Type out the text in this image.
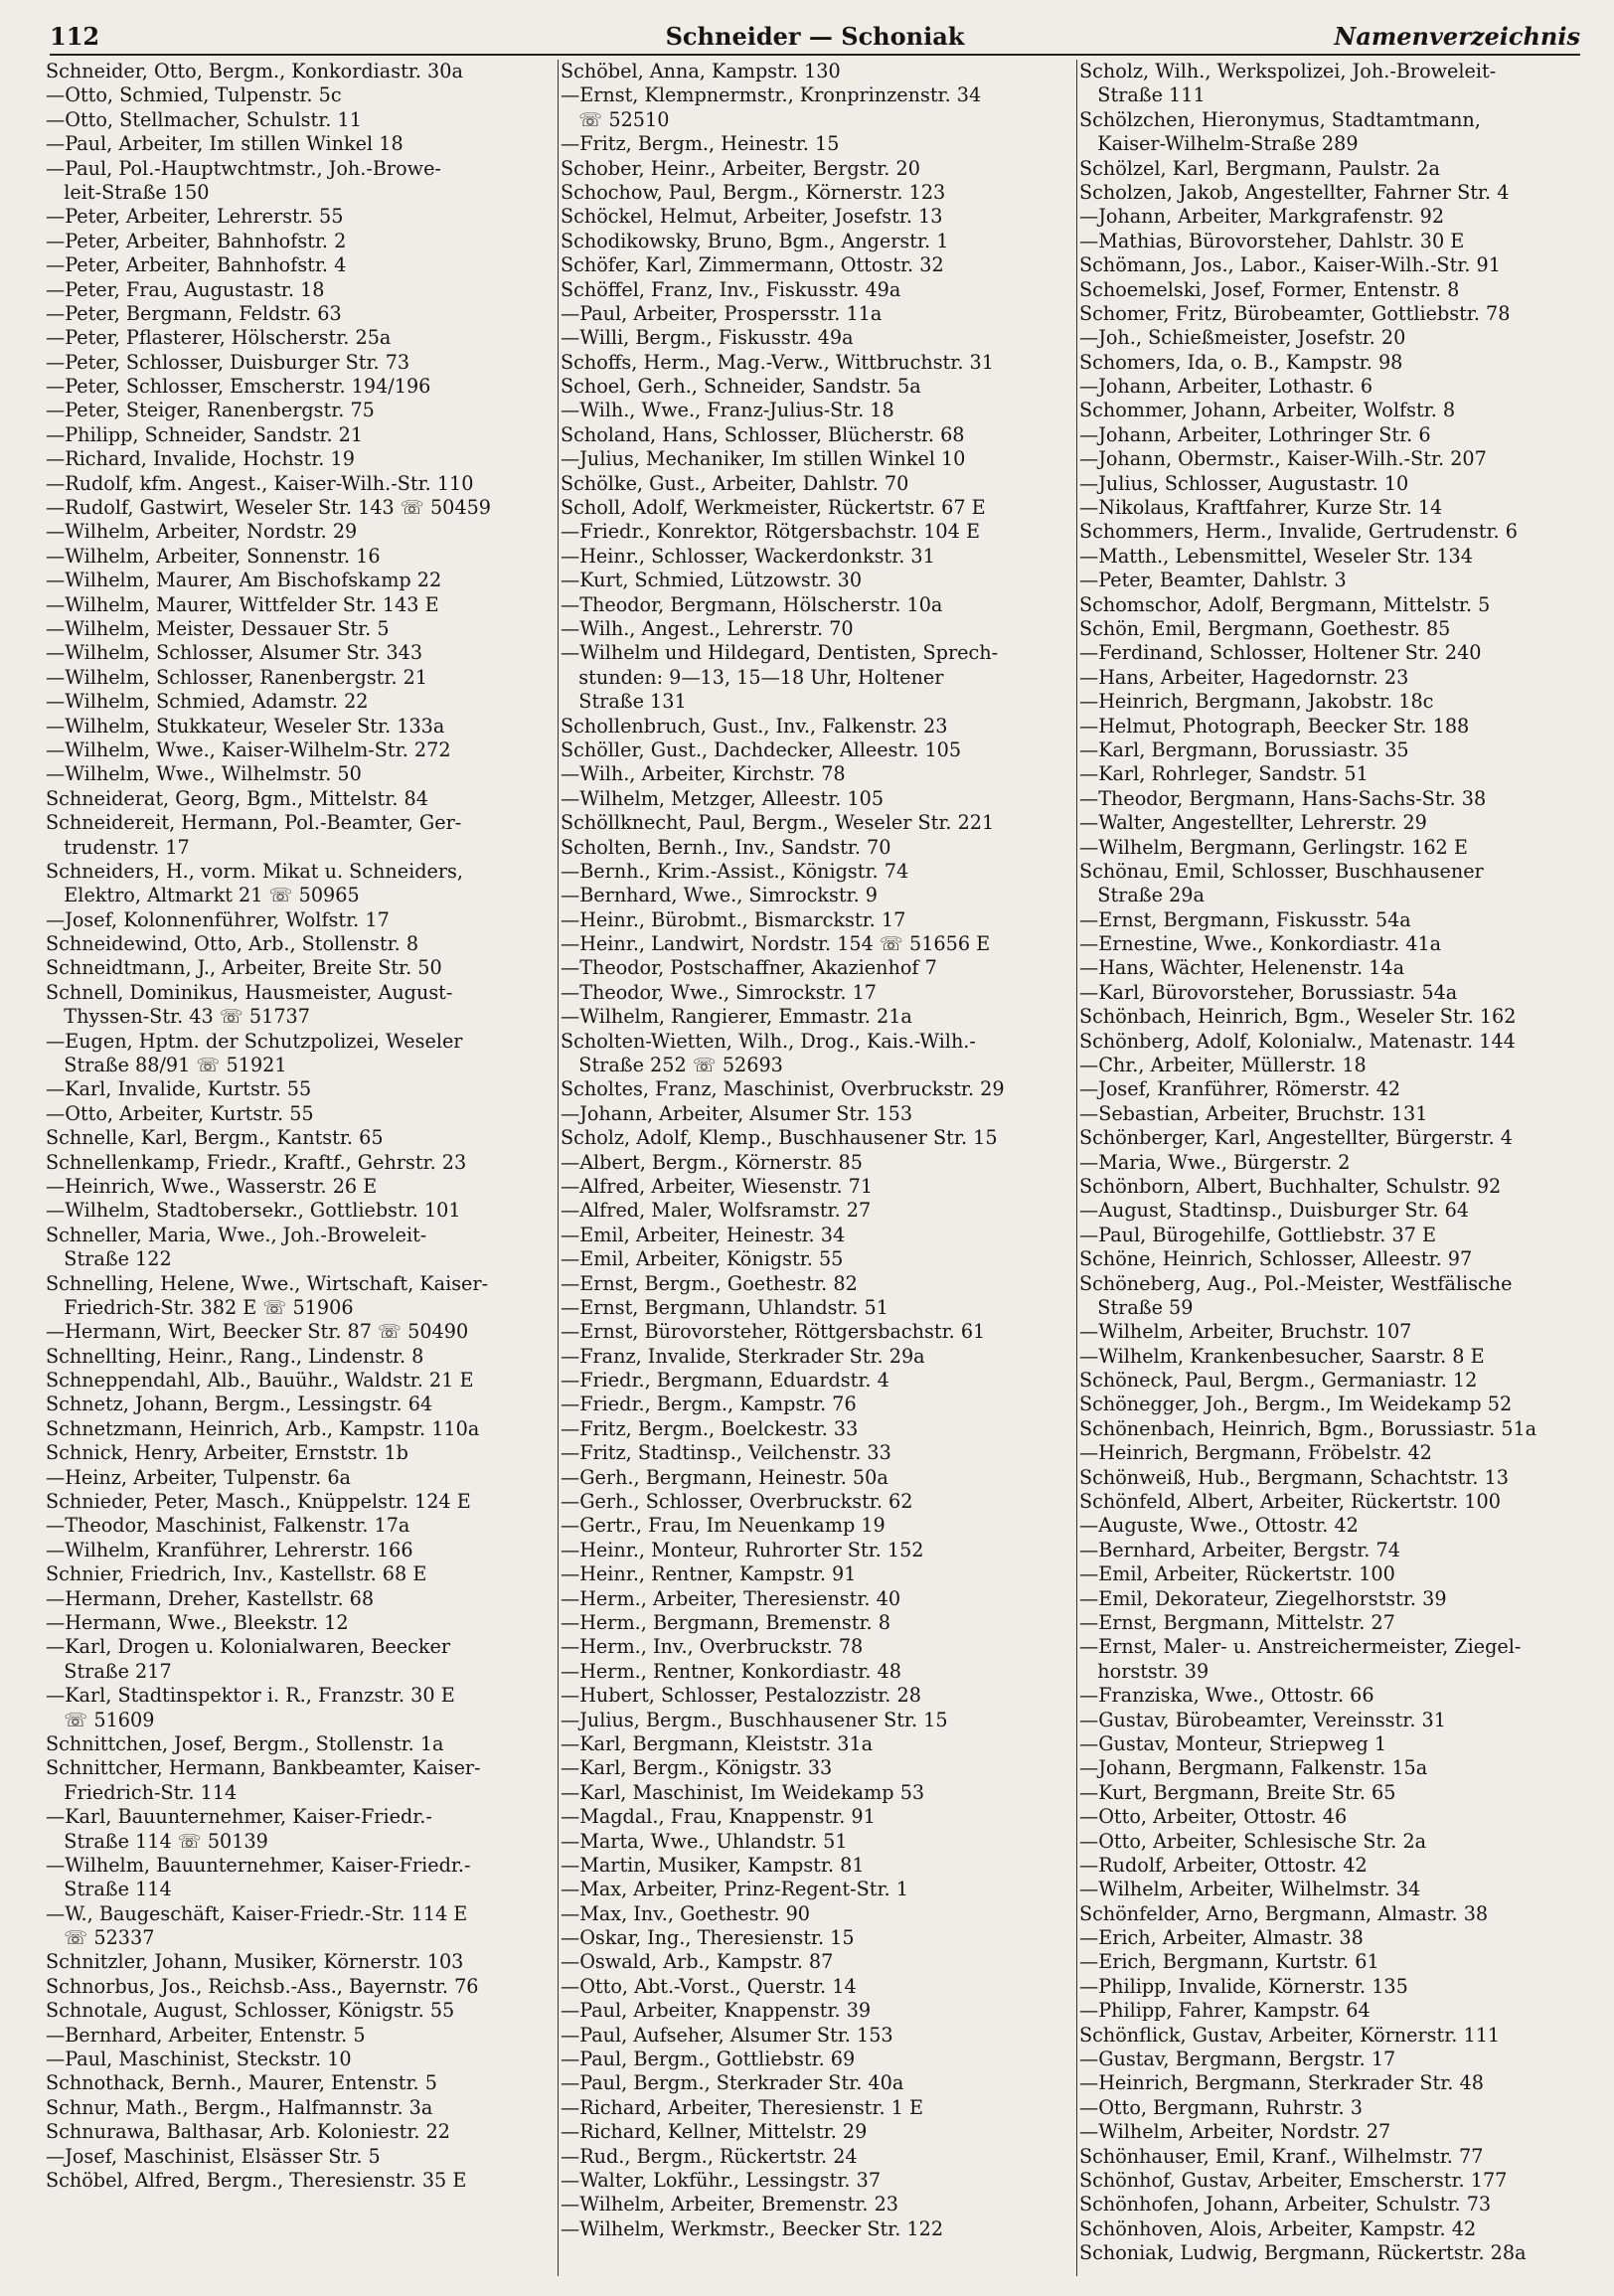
112	Schneider — Schoniak	Namenverzeichnis
Schneider, Otto, Bergm., Konkordiastr. 30a
—Otto, Schmied, Tulpenstr. 5c
—Otto, Stellmacher, Schulstr. 11
—Paul, Arbeiter, Im stillen Winkel 18
—Paul, Pol.-Hauptwchtmstr., Joh.-Browe-
leit-Straße 150
—Peter, Arbeiter, Lehrerstr. 55
—Peter, Arbeiter, Bahnhofstr. 2
—Peter, Arbeiter, Bahnhofstr. 4
—Peter, Frau, Augustastr. 18
—Peter, Bergmann, Feldstr. 63
—Peter, Pflasterer, Hölscherstr. 25a
—Peter, Schlosser, Duisburger Str. 73
—Peter, Schlosser, Emscherstr. 194/196
—Peter, Steiger, Ranenbergstr. 75
—Philipp, Schneider, Sandstr. 21
—Richard, Invalide, Hochstr. 19
—Rudolf, kfm. Angest., Kaiser-Wilh.-Str. 110
—Rudolf, Gastwirt, Weseler Str. 143 ☏ 50459
—Wilhelm, Arbeiter, Nordstr. 29
—Wilhelm, Arbeiter, Sonnenstr. 16
—Wilhelm, Maurer, Am Bischofskamp 22
—Wilhelm, Maurer, Wittfelder Str. 143 E
—Wilhelm, Meister, Dessauer Str. 5
—Wilhelm, Schlosser, Alsumer Str. 343
—Wilhelm, Schlosser, Ranenbergstr. 21
—Wilhelm, Schmied, Adamstr. 22
—Wilhelm, Stukkateur, Weseler Str. 133a
—Wilhelm, Wwe., Kaiser-Wilhelm-Str. 272
—Wilhelm, Wwe., Wilhelmstr. 50
Schneiderat, Georg, Bgm., Mittelstr. 84
Schneidereit, Hermann, Pol.-Beamter, Ger-
trudenstr. 17
Schneiders, H., vorm. Mikat u. Schneiders,
Elektro, Altmarkt 21 ☏ 50965
—Josef, Kolonnenführer, Wolfstr. 17
Schneidewind, Otto, Arb., Stollenstr. 8
Schneidtmann, J., Arbeiter, Breite Str. 50
Schnell, Dominikus, Hausmeister, August-
Thyssen-Str. 43 ☏ 51737
—Eugen, Hptm. der Schutzpolizei, Weseler
Straße 88/91 ☏ 51921
—Karl, Invalide, Kurtstr. 55
—Otto, Arbeiter, Kurtstr. 55
Schnelle, Karl, Bergm., Kantstr. 65
Schnellenkamp, Friedr., Kraftf., Gehrstr. 23
—Heinrich, Wwe., Wasserstr. 26 E
—Wilhelm, Stadtobersekr., Gottliebstr. 101
Schneller, Maria, Wwe., Joh.-Broweleit-
Straße 122
Schnelling, Helene, Wwe., Wirtschaft, Kaiser-
Friedrich-Str. 382 E ☏ 51906
—Hermann, Wirt, Beecker Str. 87 ☏ 50490
Schnellting, Heinr., Rang., Lindenstr. 8
Schneppendahl, Alb., Bauühr., Waldstr. 21 E
Schnetz, Johann, Bergm., Lessingstr. 64
Schnetzmann, Heinrich, Arb., Kampstr. 110a
Schnick, Henry, Arbeiter, Ernststr. 1b
—Heinz, Arbeiter, Tulpenstr. 6a
Schnieder, Peter, Masch., Knüppelstr. 124 E
—Theodor, Maschinist, Falkenstr. 17a
—Wilhelm, Kranführer, Lehrerstr. 166
Schnier, Friedrich, Inv., Kastellstr. 68 E
—Hermann, Dreher, Kastellstr. 68
—Hermann, Wwe., Bleekstr. 12
—Karl, Drogen u. Kolonialwaren, Beecker
Straße 217
—Karl, Stadtinspektor i. R., Franzstr. 30 E
☏ 51609
Schnittchen, Josef, Bergm., Stollenstr. 1a
Schnittcher, Hermann, Bankbeamter, Kaiser-
Friedrich-Str. 114
—Karl, Bauunternehmer, Kaiser-Friedr.-
Straße 114 ☏ 50139
—Wilhelm, Bauunternehmer, Kaiser-Friedr.-
Straße 114
—W., Baugeschäft, Kaiser-Friedr.-Str. 114 E
☏ 52337
Schnitzler, Johann, Musiker, Körnerstr. 103
Schnorbus, Jos., Reichsb.-Ass., Bayernstr. 76
Schnotale, August, Schlosser, Königstr. 55
—Bernhard, Arbeiter, Entenstr. 5
—Paul, Maschinist, Steckstr. 10
Schnothack, Bernh., Maurer, Entenstr. 5
Schnur, Math., Bergm., Halfmannstr. 3a
Schnurawa, Balthasar, Arb. Koloniestr. 22
—Josef, Maschinist, Elsässer Str. 5
Schöbel, Alfred, Bergm., Theresienstr. 35 E
Schöbel, Anna, Kampstr. 130
—Ernst, Klempnermstr., Kronprinzenstr. 34
☏ 52510
—Fritz, Bergm., Heinestr. 15
Schober, Heinr., Arbeiter, Bergstr. 20
Schochow, Paul, Bergm., Körnerstr. 123
Schöckel, Helmut, Arbeiter, Josefstr. 13
Schodikowsky, Bruno, Bgm., Angerstr. 1
Schöfer, Karl, Zimmermann, Ottostr. 32
Schöffel, Franz, Inv., Fiskusstr. 49a
—Paul, Arbeiter, Prospersstr. 11a
—Willi, Bergm., Fiskusstr. 49a
Schoffs, Herm., Mag.-Verw., Wittbruchstr. 31
Schoel, Gerh., Schneider, Sandstr. 5a
—Wilh., Wwe., Franz-Julius-Str. 18
Scholand, Hans, Schlosser, Blücherstr. 68
—Julius, Mechaniker, Im stillen Winkel 10
Schölke, Gust., Arbeiter, Dahlstr. 70
Scholl, Adolf, Werkmeister, Rückertstr. 67 E
—Friedr., Konrektor, Rötgersbachstr. 104 E
—Heinr., Schlosser, Wackerdonkstr. 31
—Kurt, Schmied, Lützowstr. 30
—Theodor, Bergmann, Hölscherstr. 10a
—Wilh., Angest., Lehrerstr. 70
—Wilhelm und Hildegard, Dentisten, Sprech-
stunden: 9—13, 15—18 Uhr, Holtener
Straße 131
Schollenbruch, Gust., Inv., Falkenstr. 23
Schöller, Gust., Dachdecker, Alleestr. 105
—Wilh., Arbeiter, Kirchstr. 78
—Wilhelm, Metzger, Alleestr. 105
Schöllknecht, Paul, Bergm., Weseler Str. 221
Scholten, Bernh., Inv., Sandstr. 70
—Bernh., Krim.-Assist., Königstr. 74
—Bernhard, Wwe., Simrockstr. 9
—Heinr., Bürobmt., Bismarckstr. 17
—Heinr., Landwirt, Nordstr. 154 ☏ 51656 E
—Theodor, Postschaffner, Akazienhof 7
—Theodor, Wwe., Simrockstr. 17
—Wilhelm, Rangierer, Emmastr. 21a
Scholten-Wietten, Wilh., Drog., Kais.-Wilh.-
Straße 252 ☏ 52693
Scholtes, Franz, Maschinist, Overbruckstr. 29
—Johann, Arbeiter, Alsumer Str. 153
Scholz, Adolf, Klemp., Buschhausener Str. 15
—Albert, Bergm., Körnerstr. 85
—Alfred, Arbeiter, Wiesenstr. 71
—Alfred, Maler, Wolfsramstr. 27
—Emil, Arbeiter, Heinestr. 34
—Emil, Arbeiter, Königstr. 55
—Ernst, Bergm., Goethestr. 82
—Ernst, Bergmann, Uhlandstr. 51
—Ernst, Bürovorsteher, Röttgersbachstr. 61
—Franz, Invalide, Sterkrader Str. 29a
—Friedr., Bergmann, Eduardstr. 4
—Friedr., Bergm., Kampstr. 76
—Fritz, Bergm., Boelckestr. 33
—Fritz, Stadtinsp., Veilchenstr. 33
—Gerh., Bergmann, Heinestr. 50a
—Gerh., Schlosser, Overbruckstr. 62
—Gertr., Frau, Im Neuenkamp 19
—Heinr., Monteur, Ruhrorter Str. 152
—Heinr., Rentner, Kampstr. 91
—Herm., Arbeiter, Theresienstr. 40
—Herm., Bergmann, Bremenstr. 8
—Herm., Inv., Overbruckstr. 78
—Herm., Rentner, Konkordiastr. 48
—Hubert, Schlosser, Pestalozzistr. 28
—Julius, Bergm., Buschhausener Str. 15
—Karl, Bergmann, Kleiststr. 31a
—Karl, Bergm., Königstr. 33
—Karl, Maschinist, Im Weidekamp 53
—Magdal., Frau, Knappenstr. 91
—Marta, Wwe., Uhlandstr. 51
—Martin, Musiker, Kampstr. 81
—Max, Arbeiter, Prinz-Regent-Str. 1
—Max, Inv., Goethestr. 90
—Oskar, Ing., Theresienstr. 15
—Oswald, Arb., Kampstr. 87
—Otto, Abt.-Vorst., Querstr. 14
—Paul, Arbeiter, Knappenstr. 39
—Paul, Aufseher, Alsumer Str. 153
—Paul, Bergm., Gottliebstr. 69
—Paul, Bergm., Sterkrader Str. 40a
—Richard, Arbeiter, Theresienstr. 1 E
—Richard, Kellner, Mittelstr. 29
—Rud., Bergm., Rückertstr. 24
—Walter, Lokführ., Lessingstr. 37
—Wilhelm, Arbeiter, Bremenstr. 23
—Wilhelm, Werkmstr., Beecker Str. 122
Scholz, Wilh., Werkspolizei, Joh.-Broweleit-
Straße 111
Schölzchen, Hieronymus, Stadtamtmann,
Kaiser-Wilhelm-Straße 289
Schölzel, Karl, Bergmann, Paulstr. 2a
Scholzen, Jakob, Angestellter, Fahrner Str. 4
—Johann, Arbeiter, Markgrafenstr. 92
—Mathias, Bürovorsteher, Dahlstr. 30 E
Schömann, Jos., Labor., Kaiser-Wilh.-Str. 91
Schoemelski, Josef, Former, Entenstr. 8
Schomer, Fritz, Bürobeamter, Gottliebstr. 78
—Joh., Schießmeister, Josefstr. 20
Schomers, Ida, o. B., Kampstr. 98
—Johann, Arbeiter, Lothastr. 6
Schommer, Johann, Arbeiter, Wolfstr. 8
—Johann, Arbeiter, Lothringer Str. 6
—Johann, Obermstr., Kaiser-Wilh.-Str. 207
—Julius, Schlosser, Augustastr. 10
—Nikolaus, Kraftfahrer, Kurze Str. 14
Schommers, Herm., Invalide, Gertrudenstr. 6
—Matth., Lebensmittel, Weseler Str. 134
—Peter, Beamter, Dahlstr. 3
Schomschor, Adolf, Bergmann, Mittelstr. 5
Schön, Emil, Bergmann, Goethestr. 85
—Ferdinand, Schlosser, Holtener Str. 240
—Hans, Arbeiter, Hagedornstr. 23
—Heinrich, Bergmann, Jakobstr. 18c
—Helmut, Photograph, Beecker Str. 188
—Karl, Bergmann, Borussiastr. 35
—Karl, Rohrleger, Sandstr. 51
—Theodor, Bergmann, Hans-Sachs-Str. 38
—Walter, Angestellter, Lehrerstr. 29
—Wilhelm, Bergmann, Gerlingstr. 162 E
Schönau, Emil, Schlosser, Buschhausener
Straße 29a
—Ernst, Bergmann, Fiskusstr. 54a
—Ernestine, Wwe., Konkordiastr. 41a
—Hans, Wächter, Helenenstr. 14a
—Karl, Bürovorsteher, Borussiastr. 54a
Schönbach, Heinrich, Bgm., Weseler Str. 162
Schönberg, Adolf, Kolonialw., Matenastr. 144
—Chr., Arbeiter, Müllerstr. 18
—Josef, Kranführer, Römerstr. 42
—Sebastian, Arbeiter, Bruchstr. 131
Schönberger, Karl, Angestellter, Bürgerstr. 4
—Maria, Wwe., Bürgerstr. 2
Schönborn, Albert, Buchhalter, Schulstr. 92
—August, Stadtinsp., Duisburger Str. 64
—Paul, Bürogehilfe, Gottliebstr. 37 E
Schöne, Heinrich, Schlosser, Alleestr. 97
Schöneberg, Aug., Pol.-Meister, Westfälische
Straße 59
—Wilhelm, Arbeiter, Bruchstr. 107
—Wilhelm, Krankenbesucher, Saarstr. 8 E
Schöneck, Paul, Bergm., Germaniastr. 12
Schönegger, Joh., Bergm., Im Weidekamp 52
Schönenbach, Heinrich, Bgm., Borussiastr. 51a
—Heinrich, Bergmann, Fröbelstr. 42
Schönweiß, Hub., Bergmann, Schachtstr. 13
Schönfeld, Albert, Arbeiter, Rückertstr. 100
—Auguste, Wwe., Ottostr. 42
—Bernhard, Arbeiter, Bergstr. 74
—Emil, Arbeiter, Rückertstr. 100
—Emil, Dekorateur, Ziegelhorststr. 39
—Ernst, Bergmann, Mittelstr. 27
—Ernst, Maler- u. Anstreichermeister, Ziegel-
horststr. 39
—Franziska, Wwe., Ottostr. 66
—Gustav, Bürobeamter, Vereinsstr. 31
—Gustav, Monteur, Striepweg 1
—Johann, Bergmann, Falkenstr. 15a
—Kurt, Bergmann, Breite Str. 65
—Otto, Arbeiter, Ottostr. 46
—Otto, Arbeiter, Schlesische Str. 2a
—Rudolf, Arbeiter, Ottostr. 42
—Wilhelm, Arbeiter, Wilhelmstr. 34
Schönfelder, Arno, Bergmann, Almastr. 38
—Erich, Arbeiter, Almastr. 38
—Erich, Bergmann, Kurtstr. 61
—Philipp, Invalide, Körnerstr. 135
—Philipp, Fahrer, Kampstr. 64
Schönflick, Gustav, Arbeiter, Körnerstr. 111
—Gustav, Bergmann, Bergstr. 17
—Heinrich, Bergmann, Sterkrader Str. 48
—Otto, Bergmann, Ruhrstr. 3
—Wilhelm, Arbeiter, Nordstr. 27
Schönhauser, Emil, Kranf., Wilhelmstr. 77
Schönhof, Gustav, Arbeiter, Emscherstr. 177
Schönhofen, Johann, Arbeiter, Schulstr. 73
Schönhoven, Alois, Arbeiter, Kampstr. 42
Schoniak, Ludwig, Bergmann, Rückertstr. 28a
